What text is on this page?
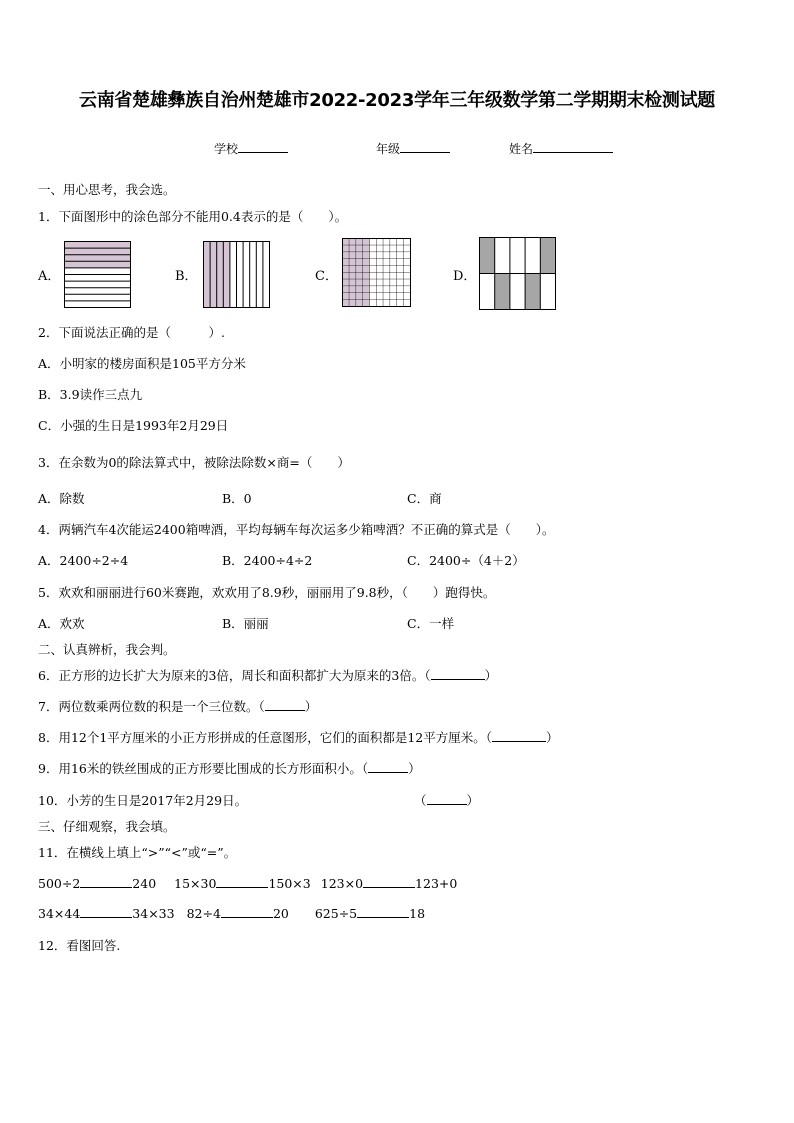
云南省楚雄彝族自治州楚雄市2022-2023学年三年级数学第二学期期末检测试题
学校	年级	姓名
一、用心思考，我会选。
1．下面图形中的涂色部分不能用0.4表示的是（　　）。
A．	B．	C．	D．
2．下面说法正确的是（　　　）.
A．小明家的楼房面积是105平方分米
B．3.9读作三点九
C．小强的生日是1993年2月29日
3．在余数为0的除法算式中，被除法除数×商=（　　）
A．除数	B．0	C．商
4．两辆汽车4次能运2400箱啤酒，平均每辆车每次运多少箱啤酒？不正确的算式是（　　）。
A．2400÷2÷4	B．2400÷4÷2	C．2400÷（4＋2）
5．欢欢和丽丽进行60米赛跑，欢欢用了8.9秒，丽丽用了9.8秒，（　　）跑得快。
A．欢欢	B．丽丽	C．一样
二、认真辨析，我会判。
6．正方形的边长扩大为原来的3倍，周长和面积都扩大为原来的3倍。（	）
7．两位数乘两位数的积是一个三位数。（	）
8．用12个1平方厘米的小正方形拼成的任意图形，它们的面积都是12平方厘米。（	）
9．用16米的铁丝围成的正方形要比围成的长方形面积小。（	）
10．小芳的生日是2017年2月29日。	（	）
三、仔细观察，我会填。
11．在横线上填上“>”“<”或“=”。
500÷2	240 15×30	150×3 123×0	123+0
34×44	34×33 82÷4	20 625÷5	18
12．看图回答.
